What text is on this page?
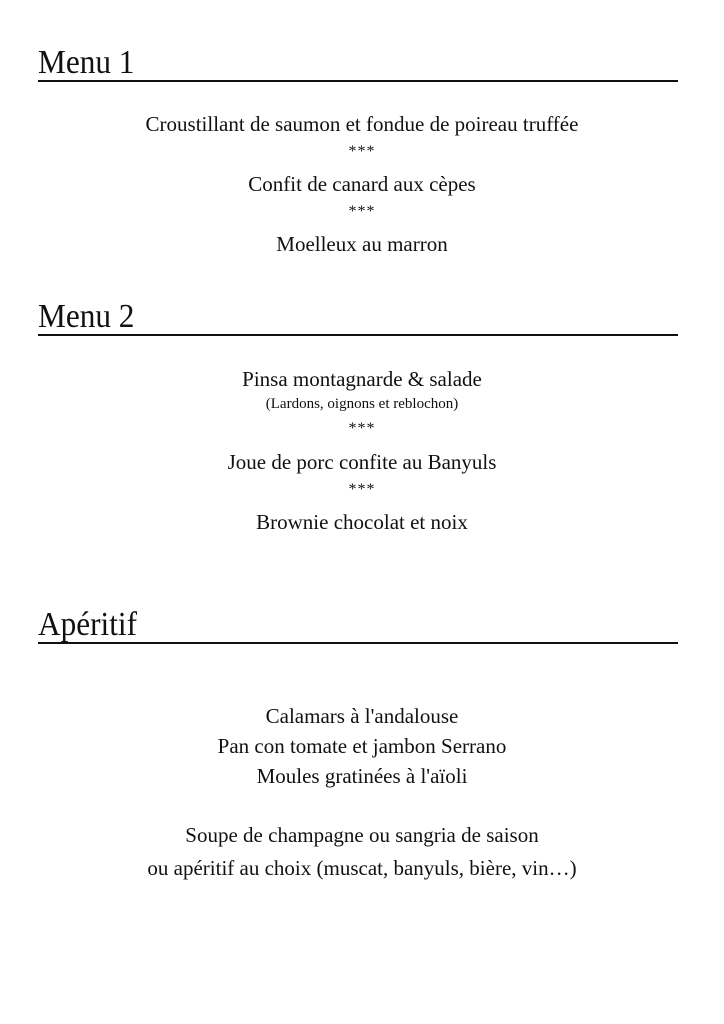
Menu 1
Croustillant de saumon et fondue de poireau truffée
***
Confit de canard aux cèpes
***
Moelleux au marron
Menu 2
Pinsa montagnarde & salade
(Lardons, oignons et reblochon)
***
Joue de porc confite au Banyuls
***
Brownie chocolat et noix
Apéritif
Calamars à l'andalouse
Pan con tomate et jambon Serrano
Moules gratinées à l'aïoli
Soupe de champagne ou sangria de saison
ou apéritif au choix (muscat, banyuls, bière, vin…)
